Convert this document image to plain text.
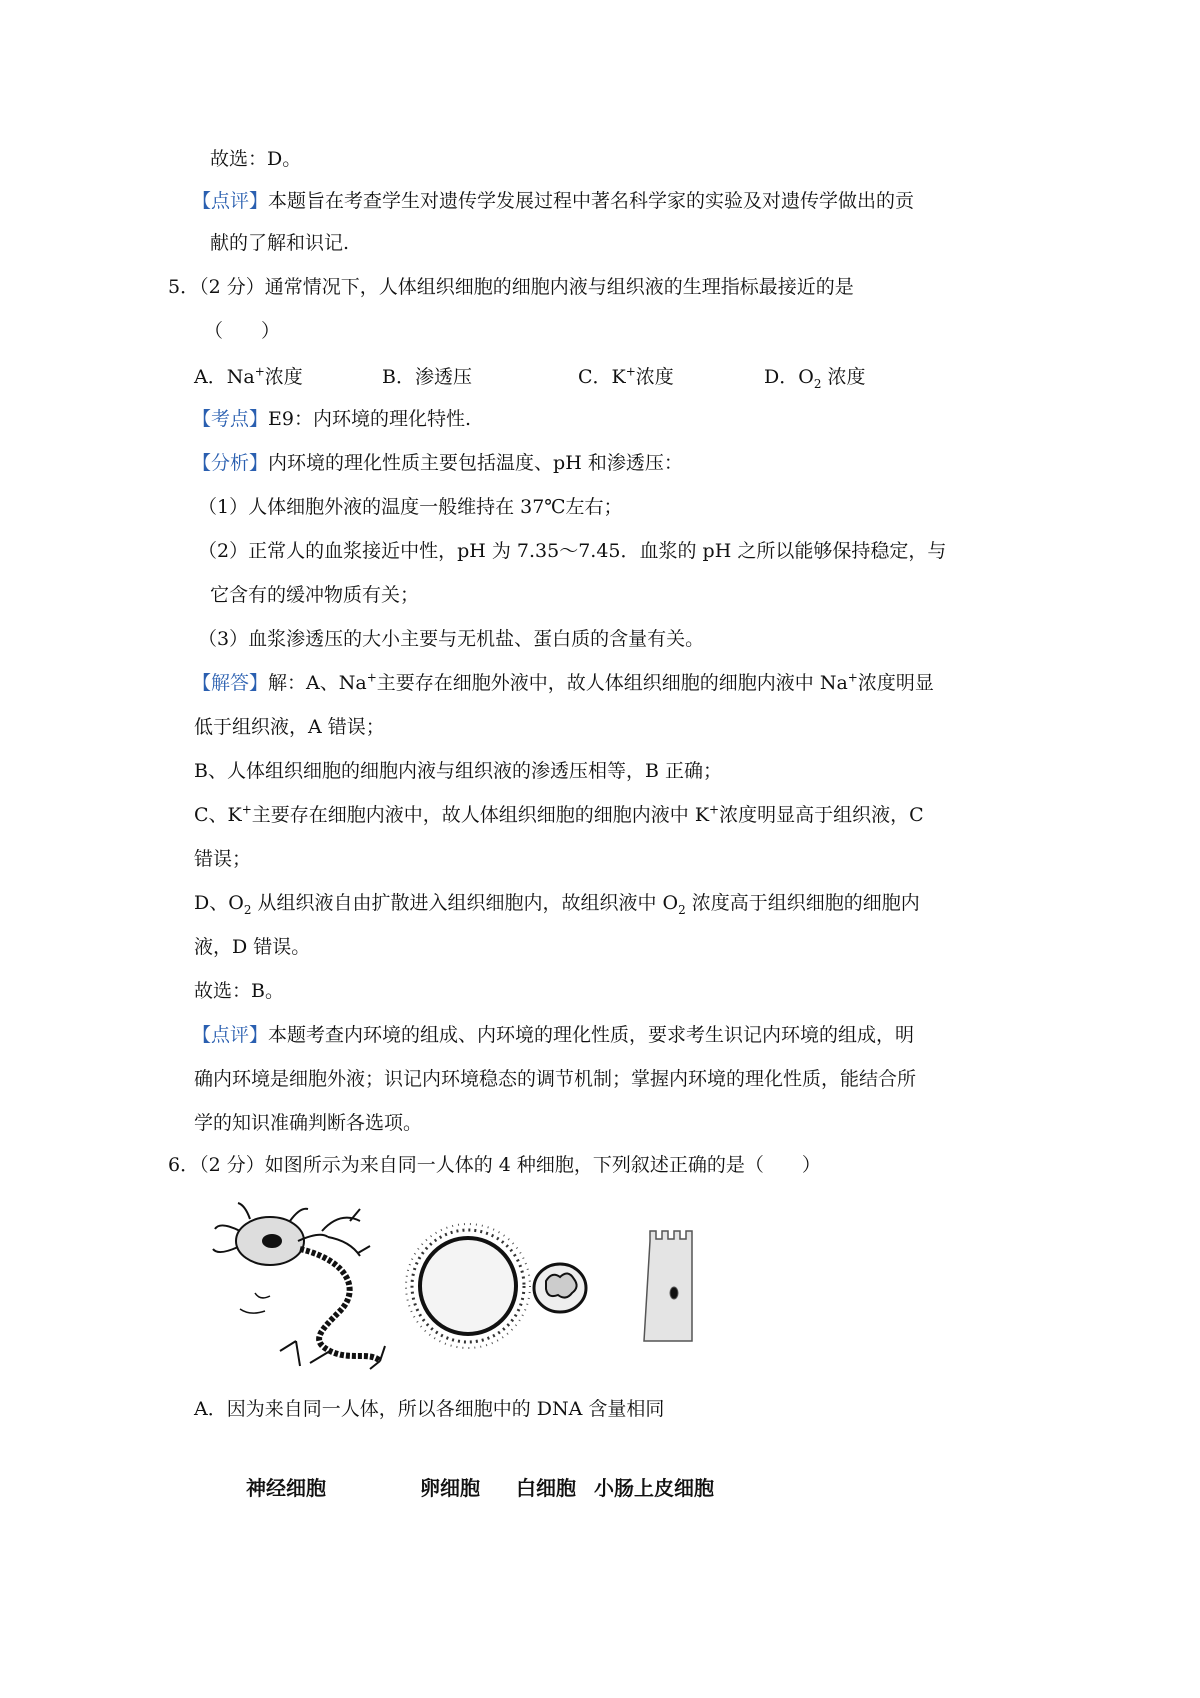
故选：D。
【点评】本题旨在考查学生对遗传学发展过程中著名科学家的实验及对遗传学做出的贡
献的了解和识记.
5．（2 分）通常情况下，人体组织细胞的细胞内液与组织液的生理指标最接近的是
（　　）
A．Na+浓度	B．渗透压	C．K+浓度	D．$O_2$ 浓度
【考点】E9：内环境的理化特性.
【分析】内环境的理化性质主要包括温度、pH 和渗透压：
（1）人体细胞外液的温度一般维持在 37℃左右；
（2）正常人的血浆接近中性，pH 为 7.35～7.45．血浆的 pH 之所以能够保持稳定，与
它含有的缓冲物质有关；
（3）血浆渗透压的大小主要与无机盐、蛋白质的含量有关。
【解答】解：A、Na+主要存在细胞外液中，故人体组织细胞的细胞内液中 Na+浓度明显
低于组织液，A 错误；
B、人体组织细胞的细胞内液与组织液的渗透压相等，B 正确；
C、K+主要存在细胞内液中，故人体组织细胞的细胞内液中 K+浓度明显高于组织液，C
错误；
D、$O_2$ 从组织液自由扩散进入组织细胞内，故组织液中 $O_2$ 浓度高于组织细胞的细胞内
液，D 错误。
故选：B。
【点评】本题考查内环境的组成、内环境的理化性质，要求考生识记内环境的组成，明
确内环境是细胞外液；识记内环境稳态的调节机制；掌握内环境的理化性质，能结合所
学的知识准确判断各选项。
6．（2 分）如图所示为来自同一人体的 4 种细胞，下列叙述正确的是（　　）
神经细胞	卵细胞 白细胞 小肠上皮细胞
A．因为来自同一人体，所以各细胞中的 DNA 含量相同
